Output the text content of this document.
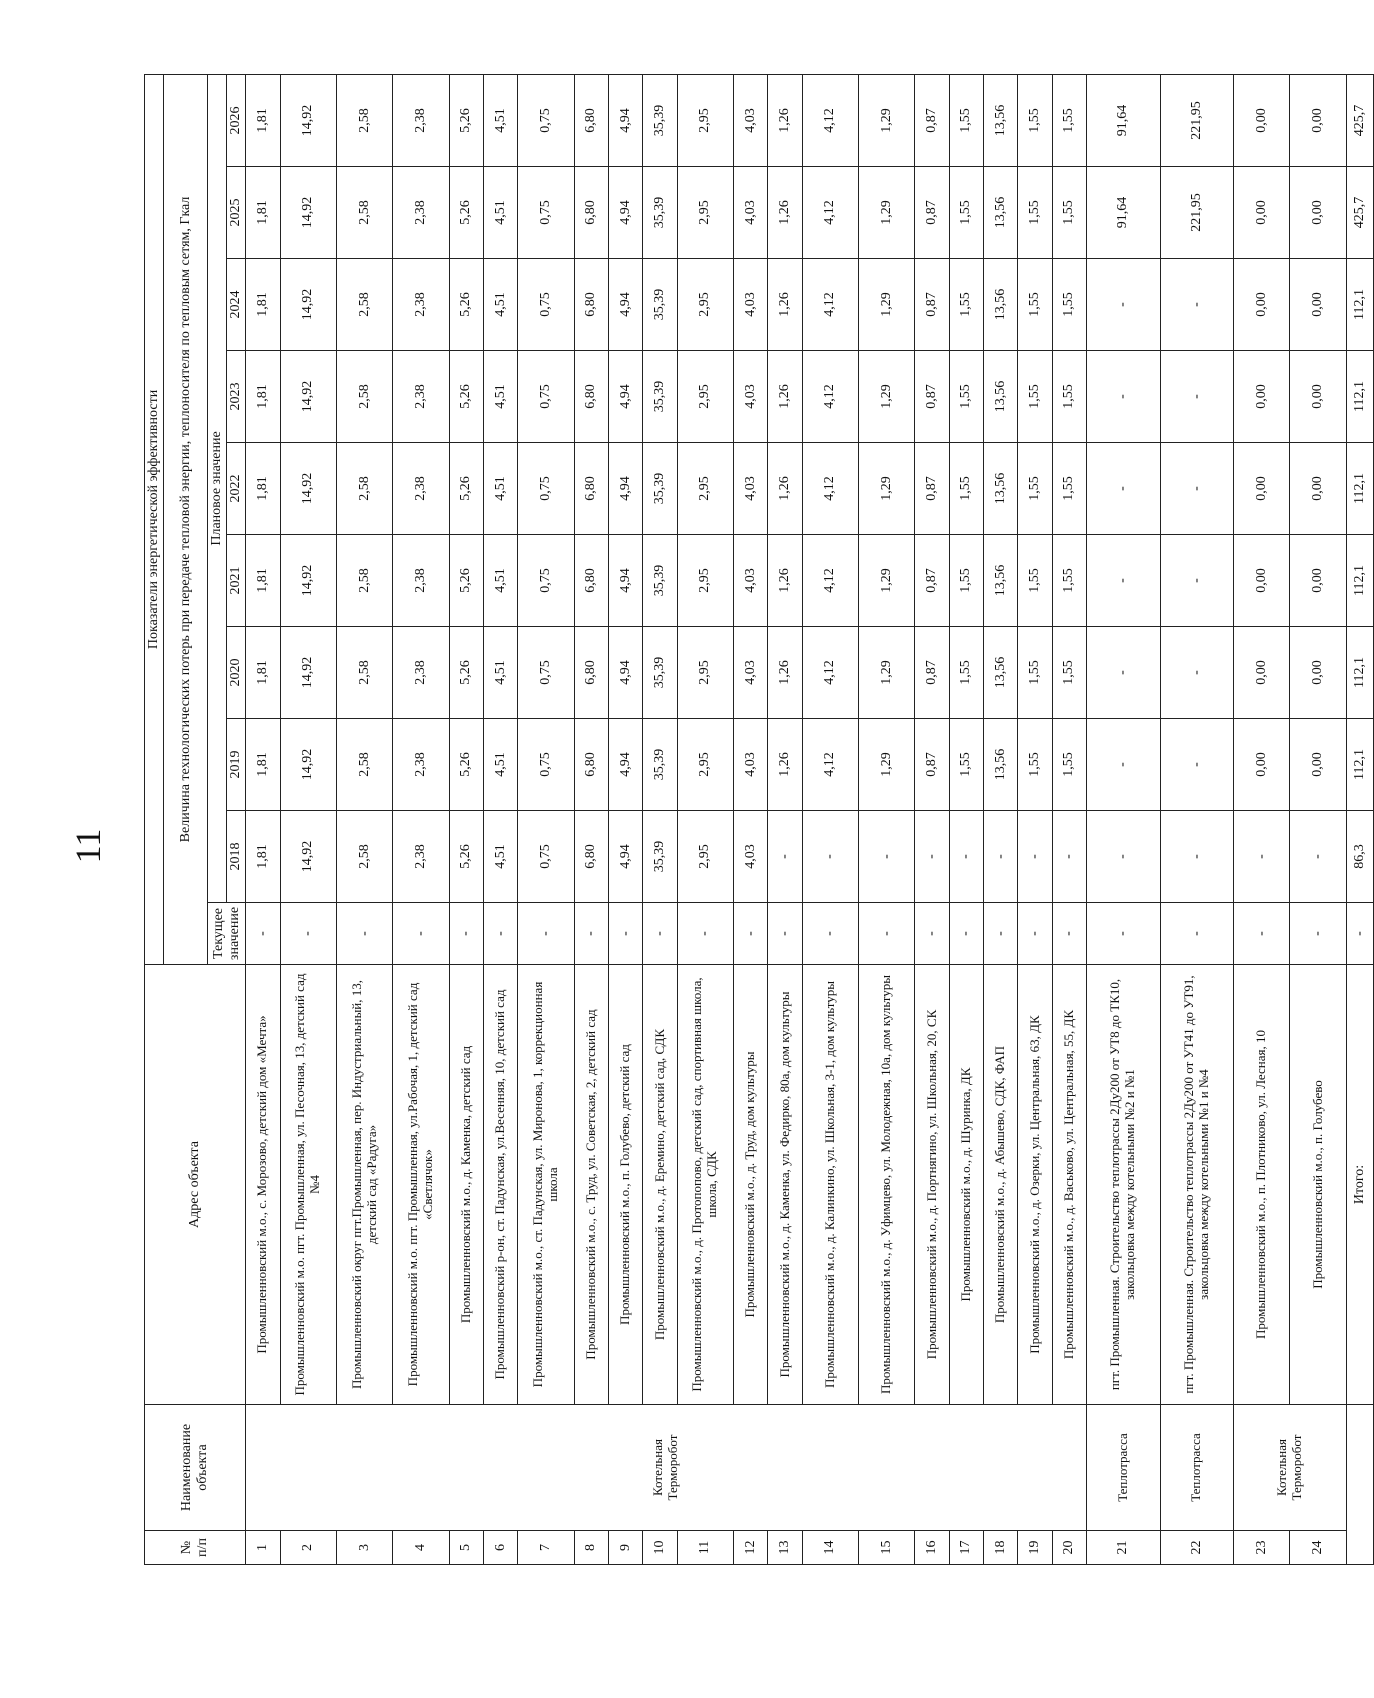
11
№ п/п	Наименование объекта	Адрес объекта	Показатели энергетической эффективности									
			Величина технологических потерь при передаче тепловой энергии, теплоносителя по тепловым сетям, Гкал									
			Текущее значение	Плановое значение								
				2018	2019	2020	2021	2022	2023	2024	2025	2026
1	Котельная Терморобот	Промышленновский м.о., с. Морозово, детский дом «Мечта»	-	1,81	1,81	1,81	1,81	1,81	1,81	1,81	1,81	1,81
2		Промышленновский м.о. пгт. Промышленная, ул. Песочная, 13, детский сад №4	-	14,92	14,92	14,92	14,92	14,92	14,92	14,92	14,92	14,92
3		Промышленновский округ пгт.Промышленная, пер. Индустриальный, 13, детский сад «Радуга»	-	2,58	2,58	2,58	2,58	2,58	2,58	2,58	2,58	2,58
4		Промышленновский м.о. пгт. Промышленная, ул.Рабочая, 1, детский сад «Светлячок»	-	2,38	2,38	2,38	2,38	2,38	2,38	2,38	2,38	2,38
5		Промышленновский м.о., д. Каменка, детский сад	-	5,26	5,26	5,26	5,26	5,26	5,26	5,26	5,26	5,26
6		Промышленновский р-он, ст. Падунская, ул.Весенняя, 10, детский сад	-	4,51	4,51	4,51	4,51	4,51	4,51	4,51	4,51	4,51
7		Промышленновский м.о., ст. Падунская, ул. Миронова, 1, коррекционная школа	-	0,75	0,75	0,75	0,75	0,75	0,75	0,75	0,75	0,75
8		Промышленновский м.о., с. Труд, ул. Советская, 2, детский сад	-	6,80	6,80	6,80	6,80	6,80	6,80	6,80	6,80	6,80
9		Промышленновский м.о., п. Голубево, детский сад	-	4,94	4,94	4,94	4,94	4,94	4,94	4,94	4,94	4,94
10		Промышленновский м.о., д. Еремино, детский сад, СДК	-	35,39	35,39	35,39	35,39	35,39	35,39	35,39	35,39	35,39
11		Промышленновский м.о., д. Протопопово, детский сад, спортивная школа, школа, СДК	-	2,95	2,95	2,95	2,95	2,95	2,95	2,95	2,95	2,95
12		Промышленновский м.о., д. Труд, дом культуры	-	4,03	4,03	4,03	4,03	4,03	4,03	4,03	4,03	4,03
13		Промышленновский м.о., д. Каменка, ул. Федирко, 80а, дом культуры	-	-	1,26	1,26	1,26	1,26	1,26	1,26	1,26	1,26
14		Промышленновский м.о., д. Калинкино, ул. Школьная, 3-1, дом культуры	-	-	4,12	4,12	4,12	4,12	4,12	4,12	4,12	4,12
15		Промышленновский м.о., д. Уфимцево, ул. Молодежная, 10а, дом культуры	-	-	1,29	1,29	1,29	1,29	1,29	1,29	1,29	1,29
16		Промышленновский м.о., д. Портнягино, ул. Школьная, 20, СК	-	-	0,87	0,87	0,87	0,87	0,87	0,87	0,87	0,87
17		Промышленновский м.о., д. Шуринка, ДК	-	-	1,55	1,55	1,55	1,55	1,55	1,55	1,55	1,55
18		Промышленновский м.о., д. Абышево, СДК, ФАП	-	-	13,56	13,56	13,56	13,56	13,56	13,56	13,56	13,56
19		Промышленновский м.о., д. Озерки, ул. Центральная, 63, ДК	-	-	1,55	1,55	1,55	1,55	1,55	1,55	1,55	1,55
20		Промышленновский м.о., д. Васьково, ул. Центральная, 55, ДК	-	-	1,55	1,55	1,55	1,55	1,55	1,55	1,55	1,55
21	Теплотрасса	пгт. Промышленная. Строительство теплотрассы 2Ду200 от УТ8 до ТК10, закольцовка между котельными №2 и №1	-	-	-	-	-	-	-	-	91,64	91,64
22	Теплотрасса	пгт. Промышленная. Строительство теплотрассы 2Ду200 от УТ41 до УТ91, закольцовка между котельными №1 и №4	-	-	-	-	-	-	-	-	221,95	221,95
23	Котельная Терморобот	Промышленновский м.о., п. Плотниково, ул. Лесная, 10	-	-	0,00	0,00	0,00	0,00	0,00	0,00	0,00	0,00
24		Промышленновский м.о., п. Голубево	-	-	0,00	0,00	0,00	0,00	0,00	0,00	0,00	0,00
		Итого:	-	86,3	112,1	112,1	112,1	112,1	112,1	112,1	425,7	425,7
